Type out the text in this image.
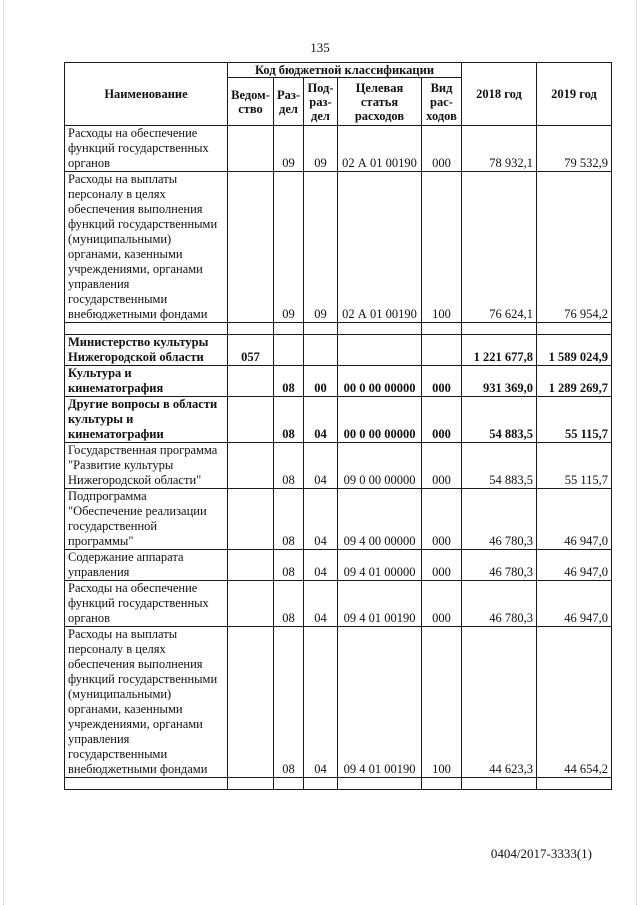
135
Наименование	Код бюджетной классификации					2018 год	2019 год
	Ведом-ство	Раз-дел	Под-раз-дел	Целевая статья расходов	Вид рас-ходов		
Расходы на обеспечение функций государственных органов		09	09	02 А 01 00190	000	78 932,1	79 532,9
Расходы на выплаты персоналу в целях обеспечения выполнения функций государственными (муниципальными) органами, казенными учреждениями, органами управления государственными внебюджетными фондами		09	09	02 А 01 00190	100	76 624,1	76 954,2

Министерство культуры Нижегородской области	057					1 221 677,8	1 589 024,9
Культура и кинематография		08	00	00 0 00 00000	000	931 369,0	1 289 269,7
Другие вопросы в области культуры и кинематографии		08	04	00 0 00 00000	000	54 883,5	55 115,7
Государственная программа "Развитие культуры Нижегородской области"		08	04	09 0 00 00000	000	54 883,5	55 115,7
Подпрограмма "Обеспечение реализации государственной программы"		08	04	09 4 00 00000	000	46 780,3	46 947,0
Содержание аппарата управления		08	04	09 4 01 00000	000	46 780,3	46 947,0
Расходы на обеспечение функций государственных органов		08	04	09 4 01 00190	000	46 780,3	46 947,0
Расходы на выплаты персоналу в целях обеспечения выполнения функций государственными (муниципальными) органами, казенными учреждениями, органами управления государственными внебюджетными фондами		08	04	09 4 01 00190	100	44 623,3	44 654,2

0404/2017-3333(1)
